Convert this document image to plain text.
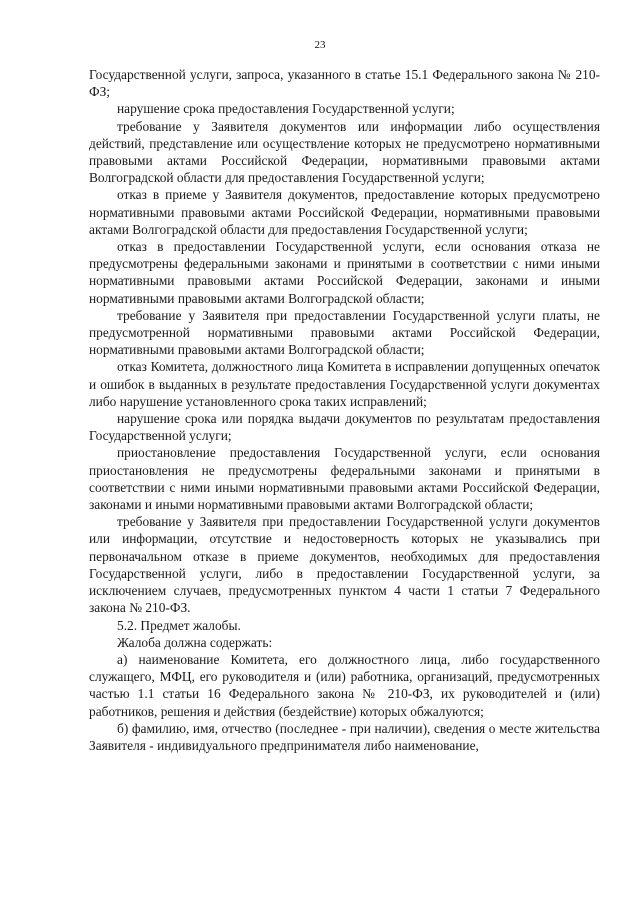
23

Государственной услуги, запроса, указанного в статье 15.1 Федерального закона № 210-ФЗ;

нарушение срока предоставления Государственной услуги;

требование у Заявителя документов или информации либо осуществления действий, представление или осуществление которых не предусмотрено нормативными правовыми актами Российской Федерации, нормативными правовыми актами Волгоградской области для предоставления Государственной услуги;

отказ в приеме у Заявителя документов, предоставление которых предусмотрено нормативными правовыми актами Российской Федерации, нормативными правовыми актами Волгоградской области для предоставления Государственной услуги;

отказ в предоставлении Государственной услуги, если основания отказа не предусмотрены федеральными законами и принятыми в соответствии с ними иными нормативными правовыми актами Российской Федерации, законами и иными нормативными правовыми актами Волгоградской области;

требование у Заявителя при предоставлении Государственной услуги платы, не предусмотренной нормативными правовыми актами Российской Федерации, нормативными правовыми актами Волгоградской области;

отказ Комитета, должностного лица Комитета в исправлении допущенных опечаток и ошибок в выданных в результате предоставления Государственной услуги документах либо нарушение установленного срока таких исправлений;

нарушение срока или порядка выдачи документов по результатам предоставления Государственной услуги;

приостановление предоставления Государственной услуги, если основания приостановления не предусмотрены федеральными законами и принятыми в соответствии с ними иными нормативными правовыми актами Российской Федерации, законами и иными нормативными правовыми актами Волгоградской области;

требование у Заявителя при предоставлении Государственной услуги документов или информации, отсутствие и недостоверность которых не указывались при первоначальном отказе в приеме документов, необходимых для предоставления Государственной услуги, либо в предоставлении Государственной услуги, за исключением случаев, предусмотренных пунктом 4 части 1 статьи 7 Федерального закона № 210-ФЗ.

5.2. Предмет жалобы.

Жалоба должна содержать:

а) наименование Комитета, его должностного лица, либо государственного служащего, МФЦ, его руководителя и (или) работника, организаций, предусмотренных частью 1.1 статьи 16 Федерального закона № 210-ФЗ, их руководителей и (или) работников, решения и действия (бездействие) которых обжалуются;

б) фамилию, имя, отчество (последнее - при наличии), сведения о месте жительства Заявителя - индивидуального предпринимателя либо наименование,
